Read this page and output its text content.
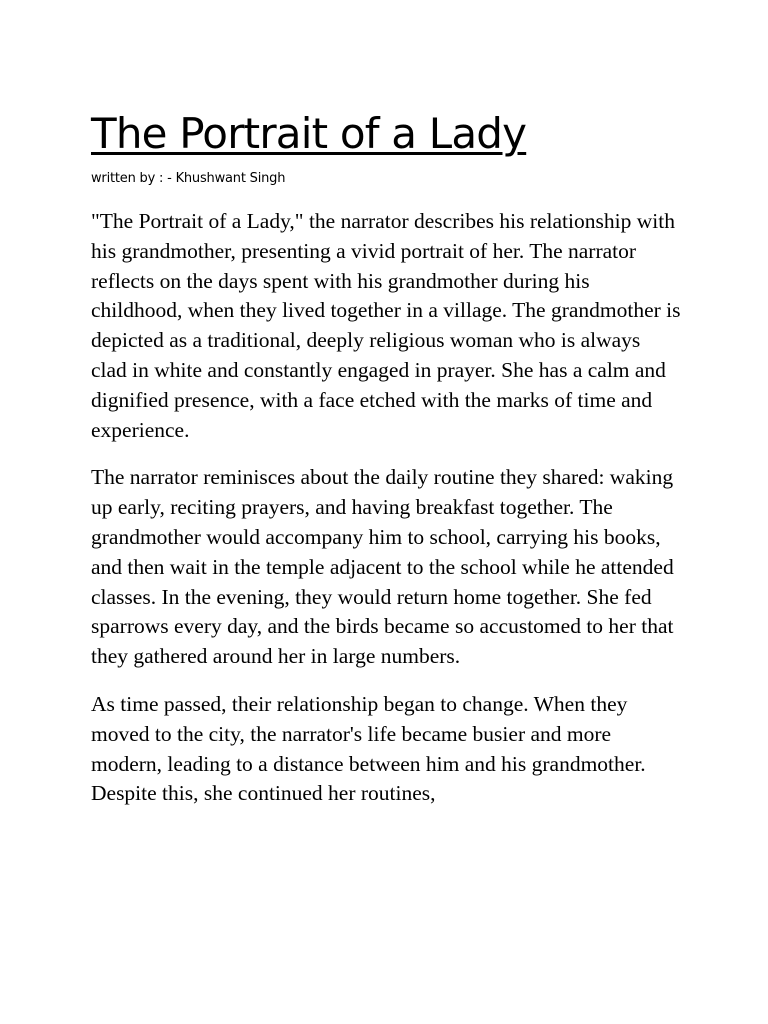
The Portrait of a Lady
written by : - Khushwant Singh

"The Portrait of a Lady," the narrator describes his relationship with his grandmother, presenting a vivid portrait of her. The narrator reflects on the days spent with his grandmother during his childhood, when they lived together in a village. The grandmother is depicted as a traditional, deeply religious woman who is always clad in white and constantly engaged in prayer. She has a calm and dignified presence, with a face etched with the marks of time and experience.

The narrator reminisces about the daily routine they shared: waking up early, reciting prayers, and having breakfast together. The grandmother would accompany him to school, carrying his books, and then wait in the temple adjacent to the school while he attended classes. In the evening, they would return home together. She fed sparrows every day, and the birds became so accustomed to her that they gathered around her in large numbers.

As time passed, their relationship began to change. When they moved to the city, the narrator's life became busier and more modern, leading to a distance between him and his grandmother. Despite this, she continued her routines,
